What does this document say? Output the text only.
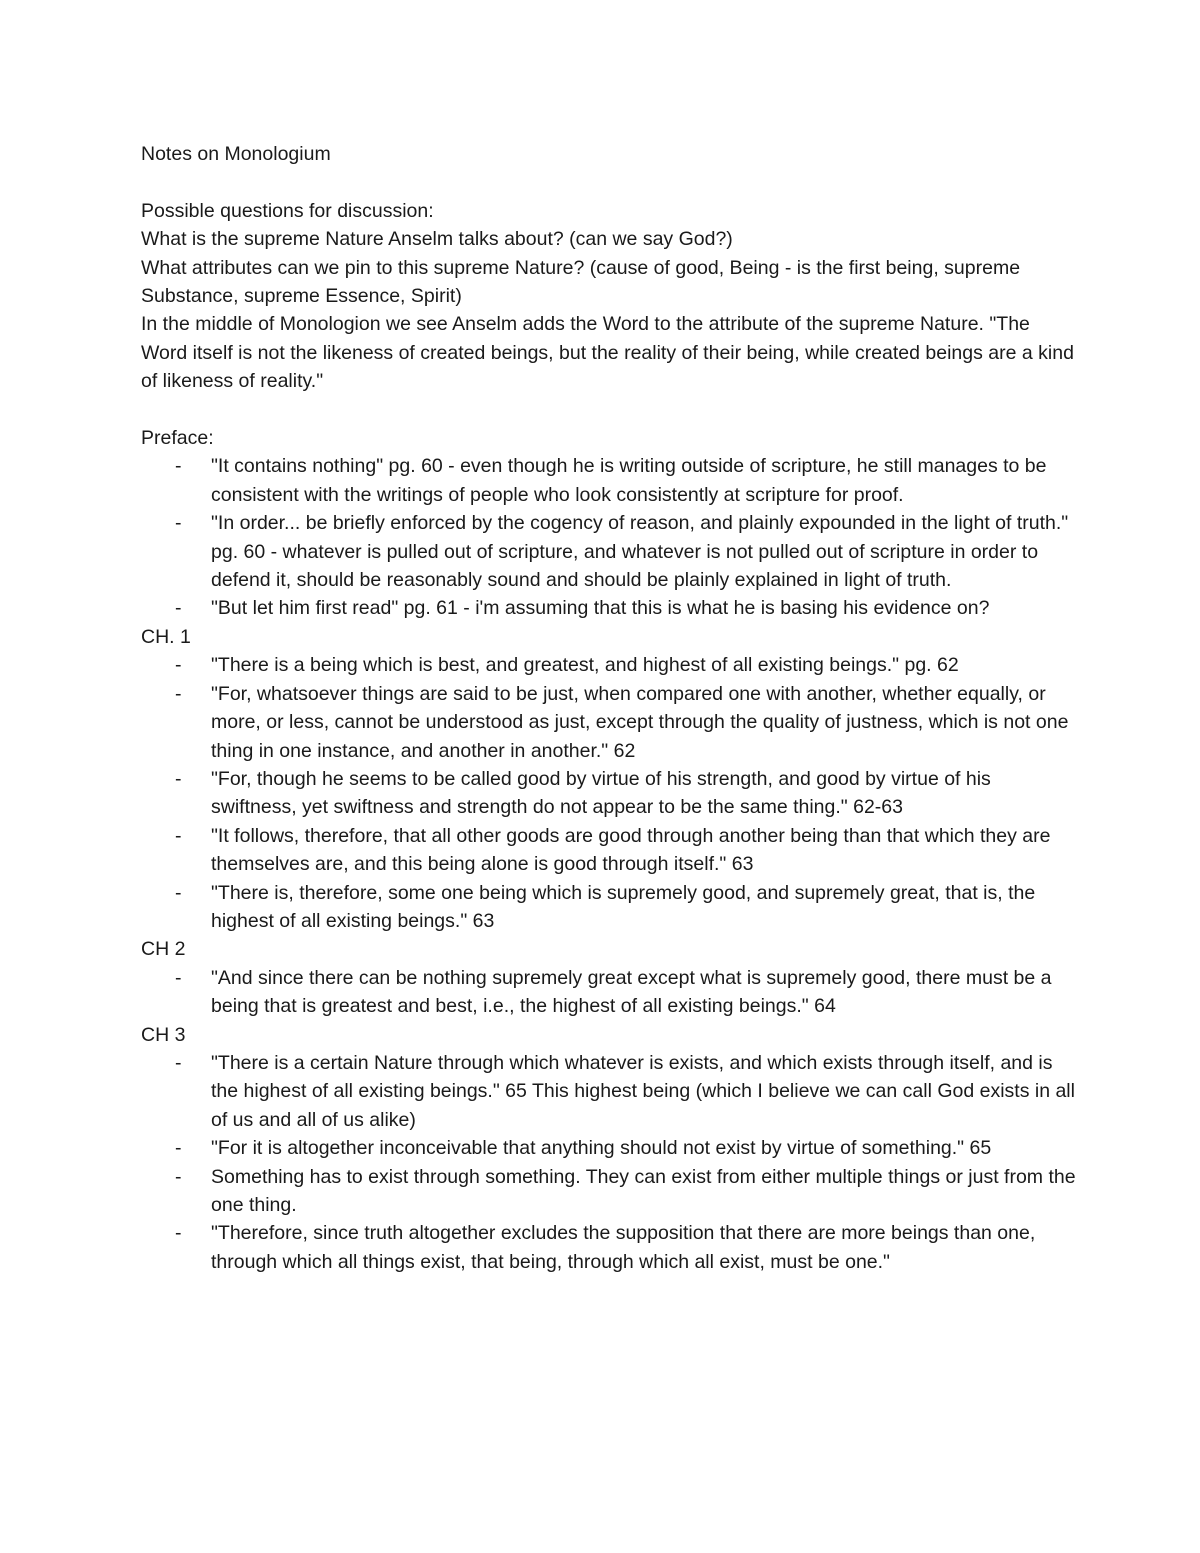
Notes on Monologium

Possible questions for discussion:

What is the supreme Nature Anselm talks about? (can we say God?)

What attributes can we pin to this supreme Nature? (cause of good, Being - is the first being, supreme Substance, supreme Essence, Spirit)

In the middle of Monologion we see Anselm adds the Word to the attribute of the supreme Nature. "The Word itself is not the likeness of created beings, but the reality of their being, while created beings are a kind of likeness of reality."

Preface:

- "It contains nothing" pg. 60 - even though he is writing outside of scripture, he still manages to be consistent with the writings of people who look consistently at scripture for proof.
- "In order... be briefly enforced by the cogency of reason, and plainly expounded in the light of truth." pg. 60 - whatever is pulled out of scripture, and whatever is not pulled out of scripture in order to defend it, should be reasonably sound and should be plainly explained in light of truth.
- "But let him first read" pg. 61 - i'm assuming that this is what he is basing his evidence on?

CH. 1

- "There is a being which is best, and greatest, and highest of all existing beings." pg. 62
- "For, whatsoever things are said to be just, when compared one with another, whether equally, or more, or less, cannot be understood as just, except through the quality of justness, which is not one thing in one instance, and another in another." 62
- "For, though he seems to be called good by virtue of his strength, and good by virtue of his swiftness, yet swiftness and strength do not appear to be the same thing." 62-63
- "It follows, therefore, that all other goods are good through another being than that which they are themselves are, and this being alone is good through itself." 63
- "There is, therefore, some one being which is supremely good, and supremely great, that is, the highest of all existing beings." 63

CH 2

- "And since there can be nothing supremely great except what is supremely good, there must be a being that is greatest and best, i.e., the highest of all existing beings." 64

CH 3

- "There is a certain Nature through which whatever is exists, and which exists through itself, and is the highest of all existing beings." 65 This highest being (which I believe we can call God exists in all of us and all of us alike)
- "For it is altogether inconceivable that anything should not exist by virtue of something." 65
- Something has to exist through something. They can exist from either multiple things or just from the one thing.
- "Therefore, since truth altogether excludes the supposition that there are more beings than one, through which all things exist, that being, through which all exist, must be one."
